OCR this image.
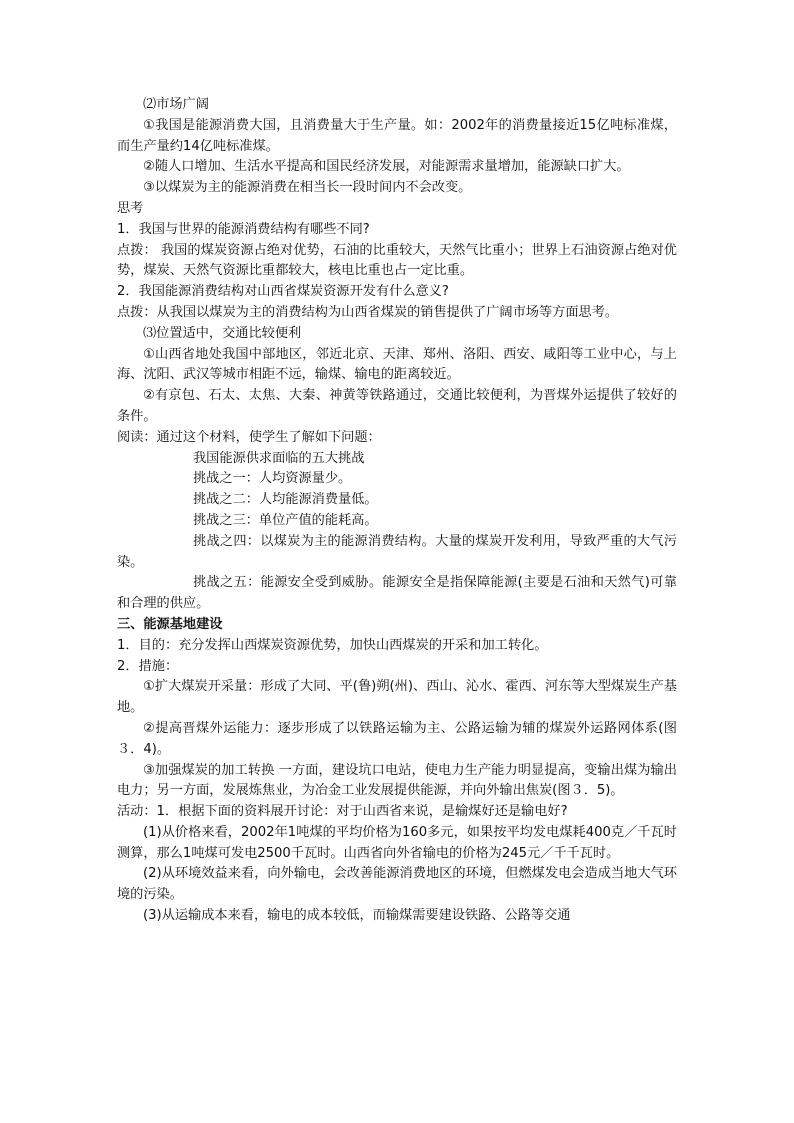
⑵市场广阔

①我国是能源消费大国，且消费量大于生产量。如：2002年的消费量接近15亿吨标准煤，而生产量约14亿吨标准煤。

②随人口增加、生活水平提高和国民经济发展，对能源需求量增加，能源缺口扩大。

③以煤炭为主的能源消费在相当长一段时间内不会改变。

思考

1．我国与世界的能源消费结构有哪些不同?

点拨： 我国的煤炭资源占绝对优势，石油的比重较大，天然气比重小；世界上石油资源占绝对优势，煤炭、天然气资源比重都较大，核电比重也占一定比重。

2．我国能源消费结构对山西省煤炭资源开发有什么意义?

点拨：从我国以煤炭为主的消费结构为山西省煤炭的销售提供了广阔市场等方面思考。

⑶位置适中，交通比较便利

①山西省地处我国中部地区，邻近北京、天津、郑州、洛阳、西安、咸阳等工业中心，与上海、沈阳、武汉等城市相距不远，输煤、输电的距离较近。

②有京包、石太、太焦、大秦、神黄等铁路通过，交通比较便利，为晋煤外运提供了较好的条件。

阅读：通过这个材料，使学生了解如下问题：

我国能源供求面临的五大挑战

挑战之一：人均资源量少。

挑战之二：人均能源消费量低。

挑战之三：单位产值的能耗高。

挑战之四：以煤炭为主的能源消费结构。大量的煤炭开发利用，导致严重的大气污染。

挑战之五：能源安全受到威胁。能源安全是指保障能源(主要是石油和天然气)可靠和合理的供应。

三、能源基地建设

1．目的：充分发挥山西煤炭资源优势，加快山西煤炭的开采和加工转化。

2．措施：

①扩大煤炭开采量：形成了大同、平(鲁)朔(州)、西山、沁水、霍西、河东等大型煤炭生产基地。

②提高晋煤外运能力：逐步形成了以铁路运输为主、公路运输为辅的煤炭外运路网体系(图３．4)。

③加强煤炭的加工转换 一方面，建设坑口电站，使电力生产能力明显提高，变输出煤为输出电力；另一方面，发展炼焦业，为冶金工业发展提供能源，并向外输出焦炭(图３．5)。

活动：1．根据下面的资料展开讨论：对于山西省来说，是输煤好还是输电好?

(1)从价格来看，2002年1吨煤的平均价格为160多元，如果按平均发电煤耗400克／千瓦时测算，那么1吨煤可发电2500千瓦时。山西省向外省输电的价格为245元／千千瓦时。

(2)从环境效益来看，向外输电，会改善能源消费地区的环境，但燃煤发电会造成当地大气环境的污染。

(3)从运输成本来看，输电的成本较低，而输煤需要建设铁路、公路等交通
